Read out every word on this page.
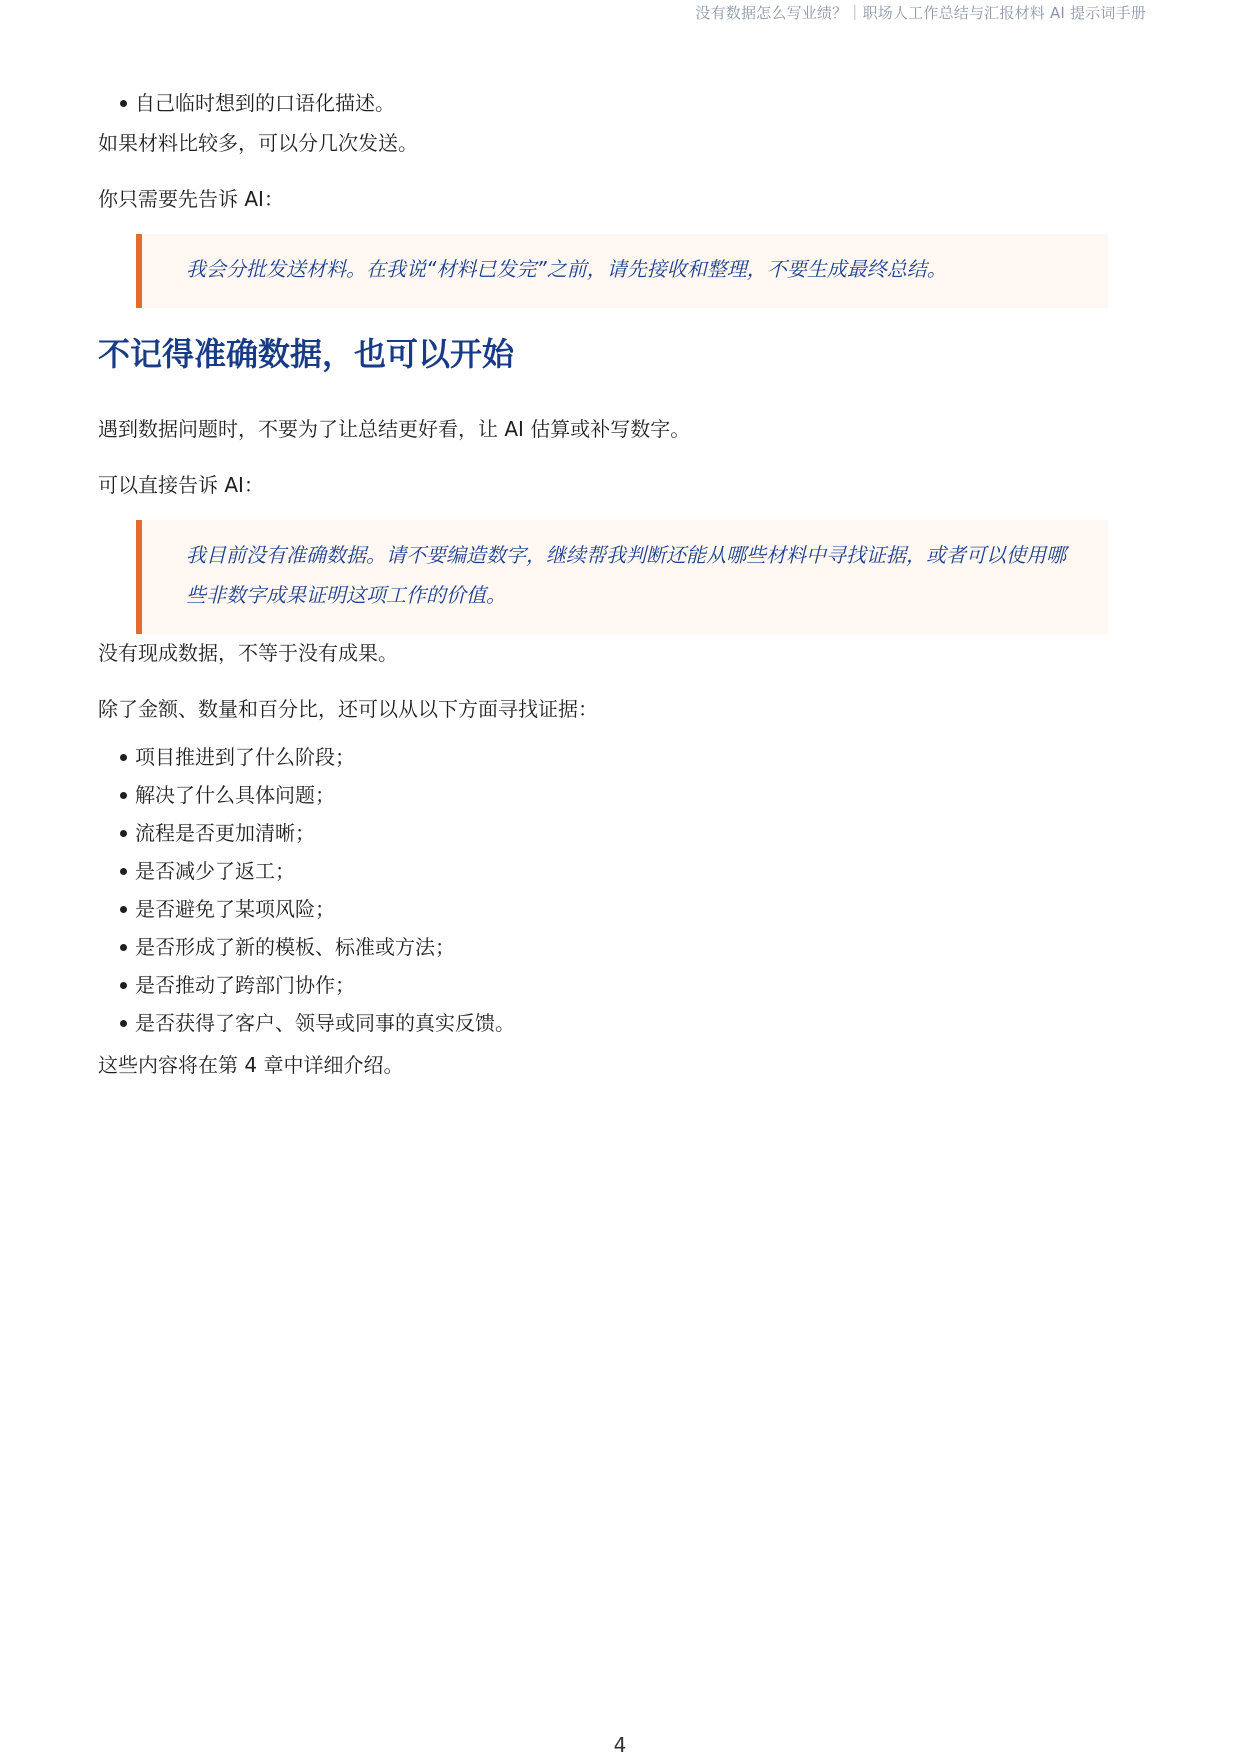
没有数据怎么写业绩？｜职场人工作总结与汇报材料 AI 提示词手册
自己临时想到的口语化描述。

如果材料比较多，可以分几次发送。

你只需要先告诉 AI：

我会分批发送材料。在我说“材料已发完”之前，请先接收和整理，不要生成最终总结。

不记得准确数据，也可以开始

遇到数据问题时，不要为了让总结更好看，让 AI 估算或补写数字。

可以直接告诉 AI：

我目前没有准确数据。请不要编造数字，继续帮我判断还能从哪些材料中寻找证据，或者可以使用哪些非数字成果证明这项工作的价值。

没有现成数据，不等于没有成果。

除了金额、数量和百分比，还可以从以下方面寻找证据：

项目推进到了什么阶段；
解决了什么具体问题；
流程是否更加清晰；
是否减少了返工；
是否避免了某项风险；
是否形成了新的模板、标准或方法；
是否推动了跨部门协作；
是否获得了客户、领导或同事的真实反馈。

这些内容将在第 4 章中详细介绍。

4
